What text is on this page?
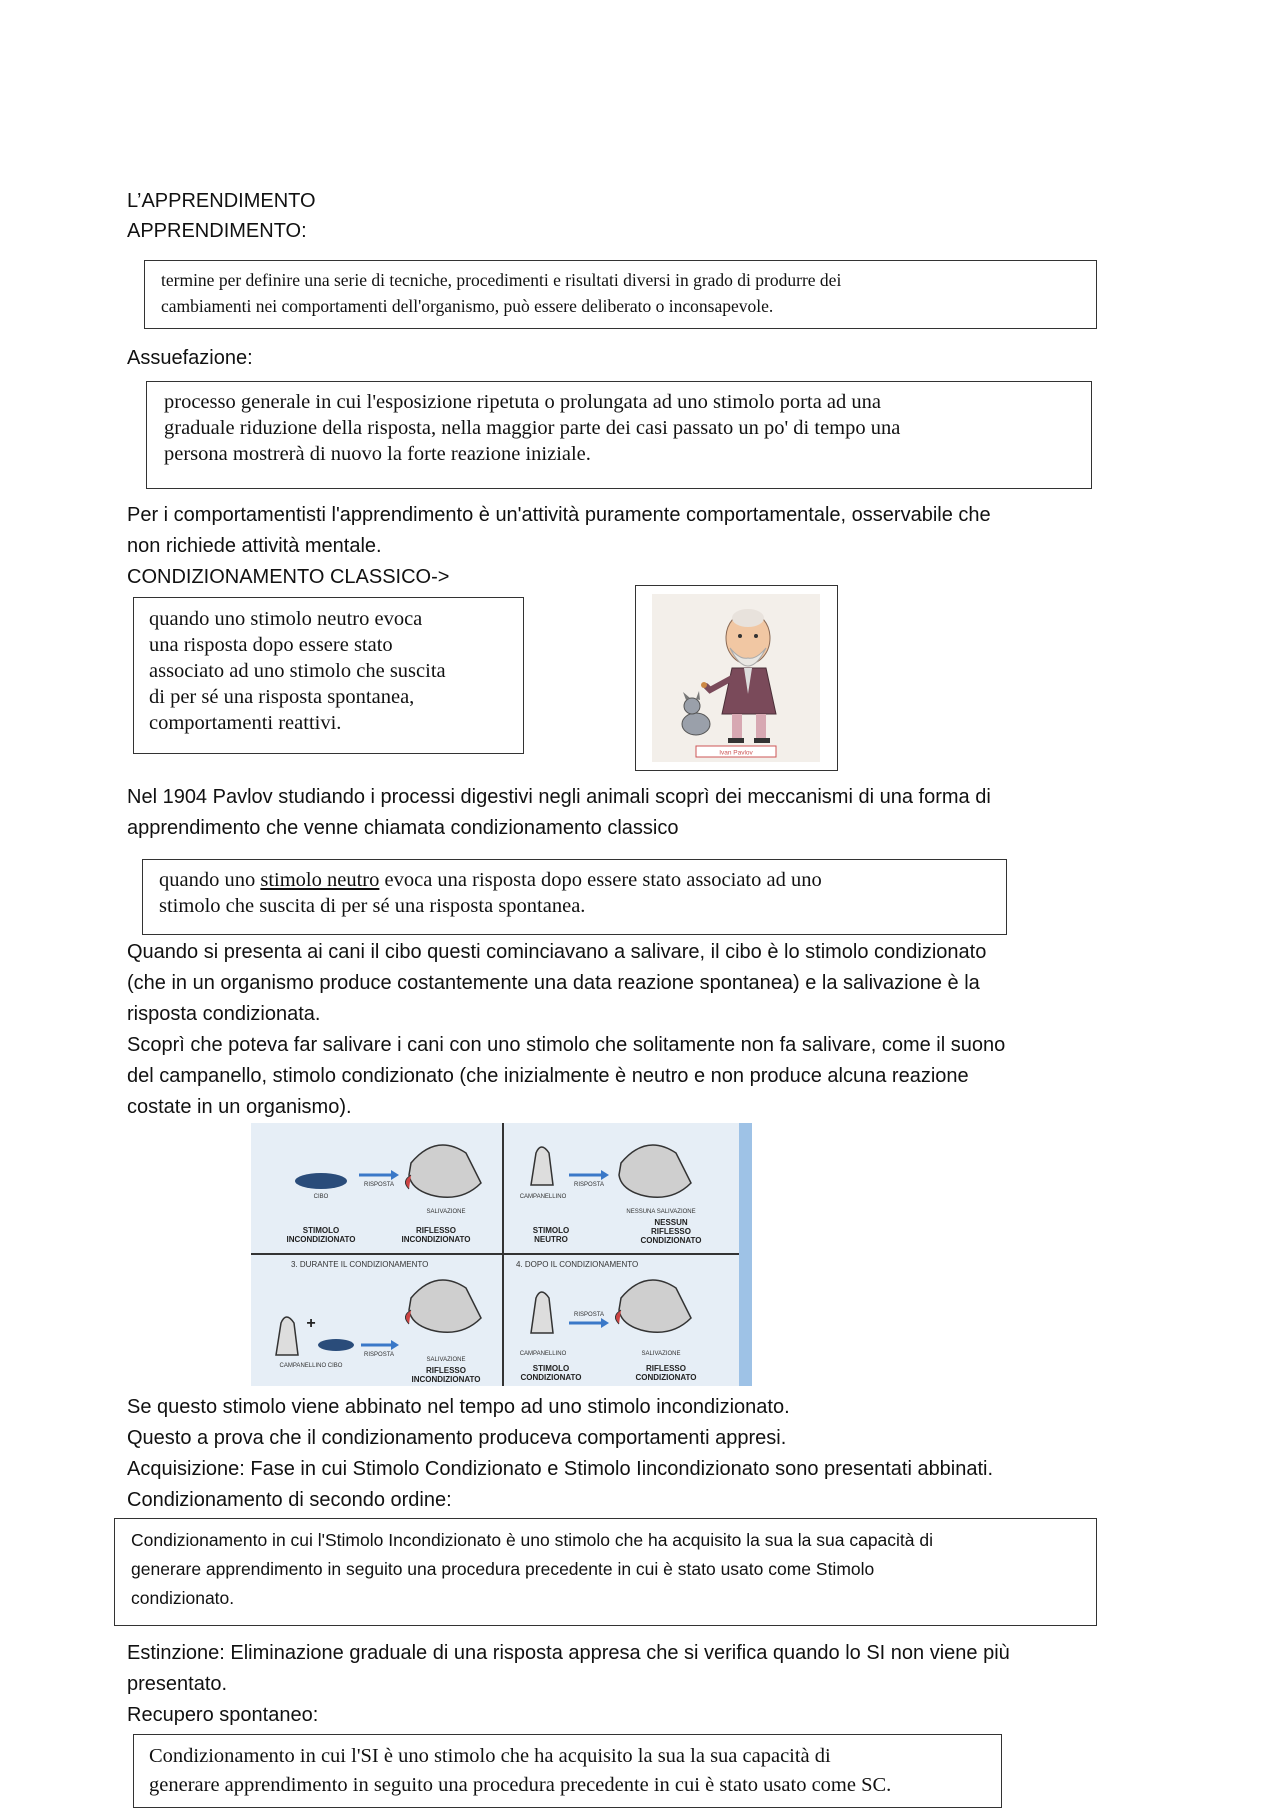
L’APPRENDIMENTO
APPRENDIMENTO:
termine per definire una serie di tecniche, procedimenti e risultati diversi in grado di produrre dei
cambiamenti nei comportamenti dell'organismo, può essere deliberato o inconsapevole.
Assuefazione:
processo generale in cui l'esposizione ripetuta o prolungata ad uno stimolo porta ad una
graduale riduzione della risposta, nella maggior parte dei casi passato un po' di tempo una
persona mostrerà di nuovo la forte reazione iniziale.
Per i comportamentisti l'apprendimento è un'attività puramente comportamentale, osservabile che
non richiede attività mentale.
CONDIZIONAMENTO CLASSICO->
quando uno stimolo neutro evoca
una risposta dopo essere stato
associato ad uno stimolo che suscita
di per sé una risposta spontanea,
comportamenti reattivi.
Ivan Pavlov
Nel 1904 Pavlov studiando i processi digestivi negli animali scoprì dei meccanismi di una forma di
apprendimento che venne chiamata condizionamento classico
quando uno stimolo neutro evoca una risposta dopo essere stato associato ad uno
stimolo che suscita di per sé una risposta spontanea.
Quando si presenta ai cani il cibo questi cominciavano a salivare, il cibo è lo stimolo condizionato
(che in un organismo produce costantemente una data reazione spontanea) e la salivazione è la
risposta condizionata.
Scoprì che poteva far salivare i cani con uno stimolo che solitamente non fa salivare, come il suono
del campanello, stimolo condizionato (che inizialmente è neutro e non produce alcuna reazione
costate in un organismo).
CIBO
RISPOSTA
SALIVAZIONE
STIMOLO
INCONDIZIONATO
RIFLESSO
INCONDIZIONATO
CAMPANELLINO
RISPOSTA
NESSUNA SALIVAZIONE
STIMOLO
NEUTRO
NESSUN
RIFLESSO
CONDIZIONATO
3. DURANTE IL CONDIZIONAMENTO
+
CAMPANELLINO CIBO
RISPOSTA
SALIVAZIONE
RIFLESSO
INCONDIZIONATO
4. DOPO IL CONDIZIONAMENTO
CAMPANELLINO
RISPOSTA
SALIVAZIONE
STIMOLO
CONDIZIONATO
RIFLESSO
CONDIZIONATO
Se questo stimolo viene abbinato nel tempo ad uno stimolo incondizionato.
Questo a prova che il condizionamento produceva comportamenti appresi.
Acquisizione: Fase in cui Stimolo Condizionato e Stimolo Iincondizionato sono presentati abbinati.
Condizionamento di secondo ordine:
Condizionamento in cui l'Stimolo Incondizionato è uno stimolo che ha acquisito la sua la sua capacità di
generare apprendimento in seguito una procedura precedente in cui è stato usato come Stimolo
condizionato.
Estinzione: Eliminazione graduale di una risposta appresa che si verifica quando lo SI non viene più
presentato.
Recupero spontaneo:
Condizionamento in cui l'SI è uno stimolo che ha acquisito la sua la sua capacità di
generare apprendimento in seguito una procedura precedente in cui è stato usato come SC.
